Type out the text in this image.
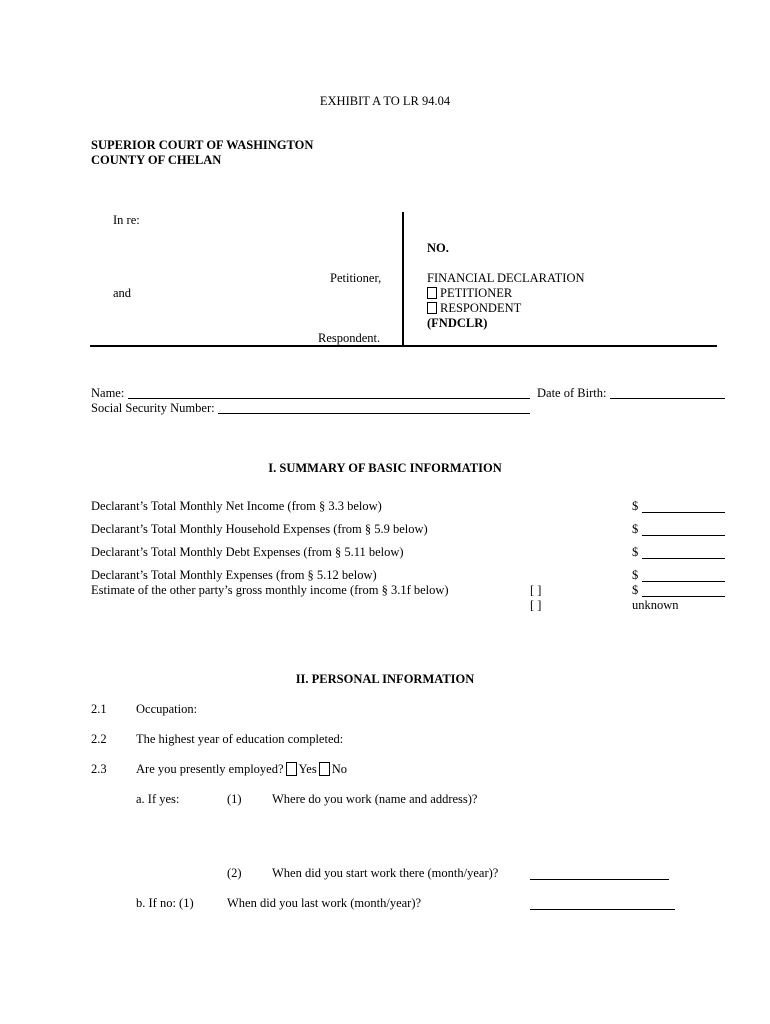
EXHIBIT A TO LR 94.04
SUPERIOR COURT OF WASHINGTON
COUNTY OF CHELAN
In re:
Petitioner,
and
Respondent.
NO.
FINANCIAL DECLARATION
PETITIONER
RESPONDENT
(FNDCLR)
Name:	Date of Birth:
Social Security Number:
I. SUMMARY OF BASIC INFORMATION
Declarant’s Total Monthly Net Income (from § 3.3 below)	$
Declarant’s Total Monthly Household Expenses (from § 5.9 below)	$
Declarant’s Total Monthly Debt Expenses (from § 5.11 below)	$
Declarant’s Total Monthly Expenses (from § 5.12 below)	$
Estimate of the other party’s gross monthly income (from § 3.1f below)	[ ]	$
[ ]	unknown
II. PERSONAL INFORMATION
2.1 Occupation:
2.2 The highest year of education completed:
2.3 Are you presently employed? Yes No
a. If yes:	(1) Where do you work (name and address)?
(2) When did you start work there (month/year)?
b. If no: (1)	When did you last work (month/year)?
